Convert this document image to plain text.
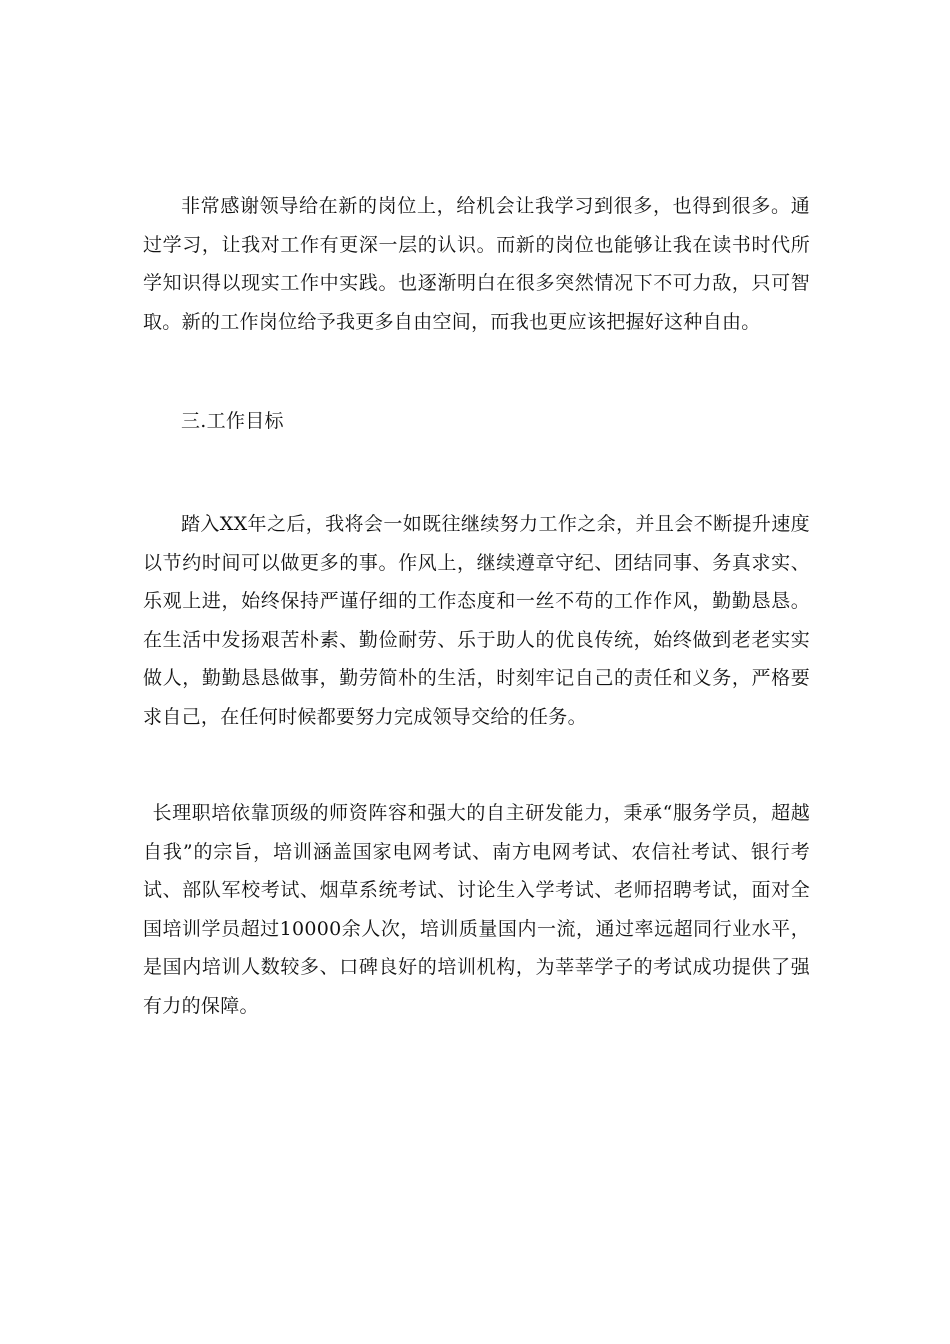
非常感谢领导给在新的岗位上，给机会让我学习到很多，也得到很多。通过学习，让我对工作有更深一层的认识。而新的岗位也能够让我在读书时代所学知识得以现实工作中实践。也逐渐明白在很多突然情况下不可力敌，只可智取。新的工作岗位给予我更多自由空间，而我也更应该把握好这种自由。

三.工作目标

踏入XX年之后，我将会一如既往继续努力工作之余，并且会不断提升速度以节约时间可以做更多的事。作风上，继续遵章守纪、团结同事、务真求实、乐观上进，始终保持严谨仔细的工作态度和一丝不苟的工作作风，勤勤恳恳。在生活中发扬艰苦朴素、勤俭耐劳、乐于助人的优良传统，始终做到老老实实做人，勤勤恳恳做事，勤劳简朴的生活，时刻牢记自己的责任和义务，严格要求自己，在任何时候都要努力完成领导交给的任务。

长理职培依靠顶级的师资阵容和强大的自主研发能力，秉承“服务学员，超越自我”的宗旨，培训涵盖国家电网考试、南方电网考试、农信社考试、银行考试、部队军校考试、烟草系统考试、讨论生入学考试、老师招聘考试，面对全国培训学员超过10000余人次，培训质量国内一流，通过率远超同行业水平，是国内培训人数较多、口碑良好的培训机构，为莘莘学子的考试成功提供了强有力的保障。
